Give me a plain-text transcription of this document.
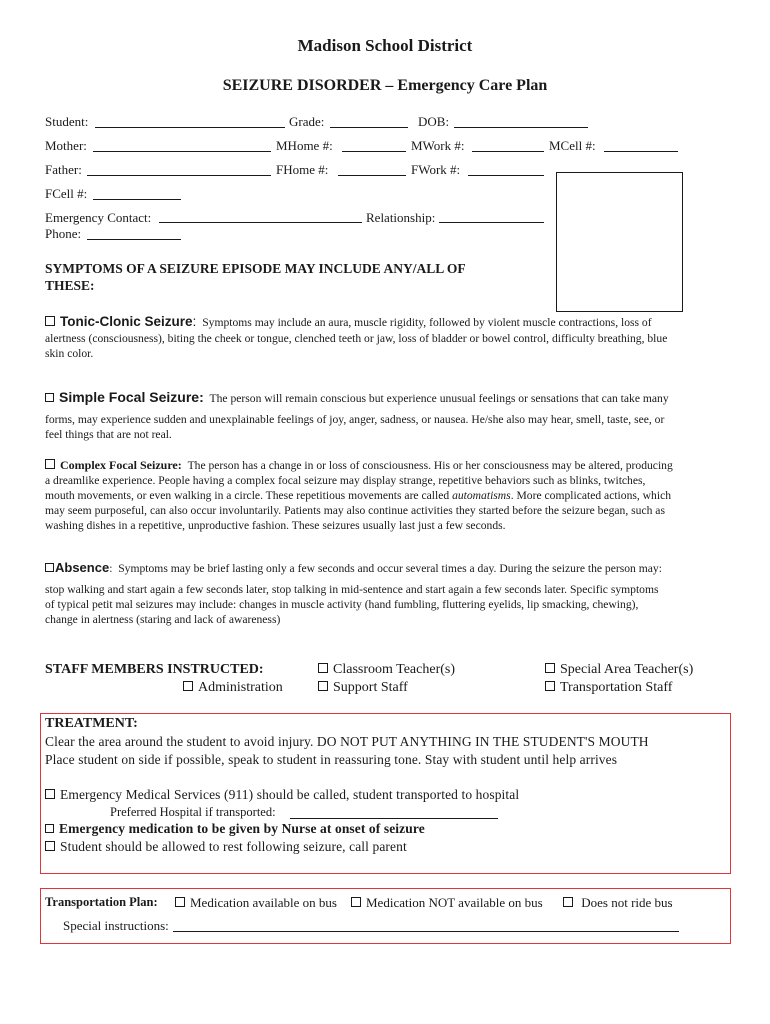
Madison School District
SEIZURE DISORDER – Emergency Care Plan
Student:	Grade:	DOB:
Mother:	MHome #:	MWork #:	MCell #:
Father:	FHome #:	FWork #:
FCell #:
Emergency Contact:	Relationship:
Phone:
SYMPTOMS OF A SEIZURE EPISODE MAY INCLUDE ANY/ALL OF
THESE:
Tonic-Clonic Seizure: Symptoms may include an aura, muscle rigidity, followed by violent muscle contractions, loss of
alertness (consciousness), biting the cheek or tongue, clenched teeth or jaw, loss of bladder or bowel control, difficulty breathing, blue
skin color.
Simple Focal Seizure: The person will remain conscious but experience unusual feelings or sensations that can take many
forms, may experience sudden and unexplainable feelings of joy, anger, sadness, or nausea. He/she also may hear, smell, taste, see, or
feel things that are not real.
Complex Focal Seizure: The person has a change in or loss of consciousness. His or her consciousness may be altered, producing
a dreamlike experience. People having a complex focal seizure may display strange, repetitive behaviors such as blinks, twitches,
mouth movements, or even walking in a circle. These repetitious movements are called automatisms. More complicated actions, which
may seem purposeful, can also occur involuntarily. Patients may also continue activities they started before the seizure began, such as
washing dishes in a repetitive, unproductive fashion. These seizures usually last just a few seconds.
Absence: Symptoms may be brief lasting only a few seconds and occur several times a day. During the seizure the person may:
stop walking and start again a few seconds later, stop talking in mid-sentence and start again a few seconds later. Specific symptoms
of typical petit mal seizures may include: changes in muscle activity (hand fumbling, fluttering eyelids, lip smacking, chewing),
change in alertness (staring and lack of awareness)
STAFF MEMBERS INSTRUCTED:	Classroom Teacher(s)	Special Area Teacher(s)
Administration	Support Staff	Transportation Staff
TREATMENT:
Clear the area around the student to avoid injury. DO NOT PUT ANYTHING IN THE STUDENT'S MOUTH
Place student on side if possible, speak to student in reassuring tone. Stay with student until help arrives
Emergency Medical Services (911) should be called, student transported to hospital
Preferred Hospital if transported:
Emergency medication to be given by Nurse at onset of seizure
Student should be allowed to rest following seizure, call parent
Transportation Plan:	Medication available on bus	Medication NOT available on bus	Does not ride bus
Special instructions:
